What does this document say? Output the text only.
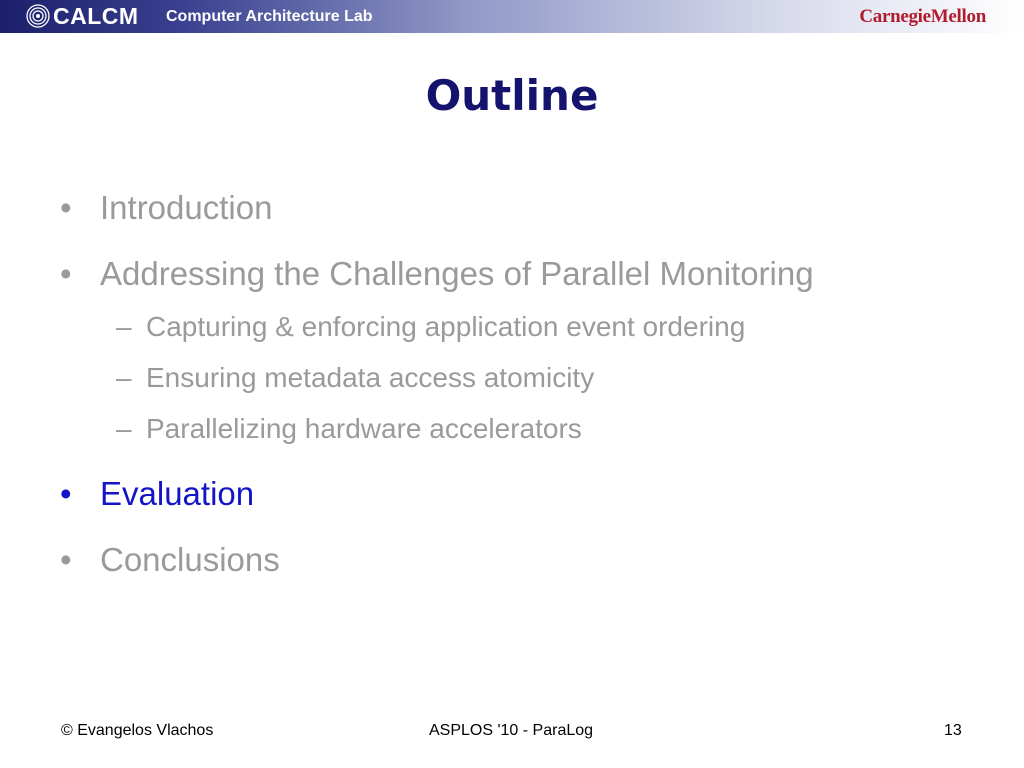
CALCM Computer Architecture Lab	CarnegieMellon
Outline
• Introduction
• Addressing the Challenges of Parallel Monitoring
– Capturing & enforcing application event ordering
– Ensuring metadata access atomicity
– Parallelizing hardware accelerators
• Evaluation
• Conclusions
© Evangelos Vlachos	ASPLOS '10 - ParaLog	13
